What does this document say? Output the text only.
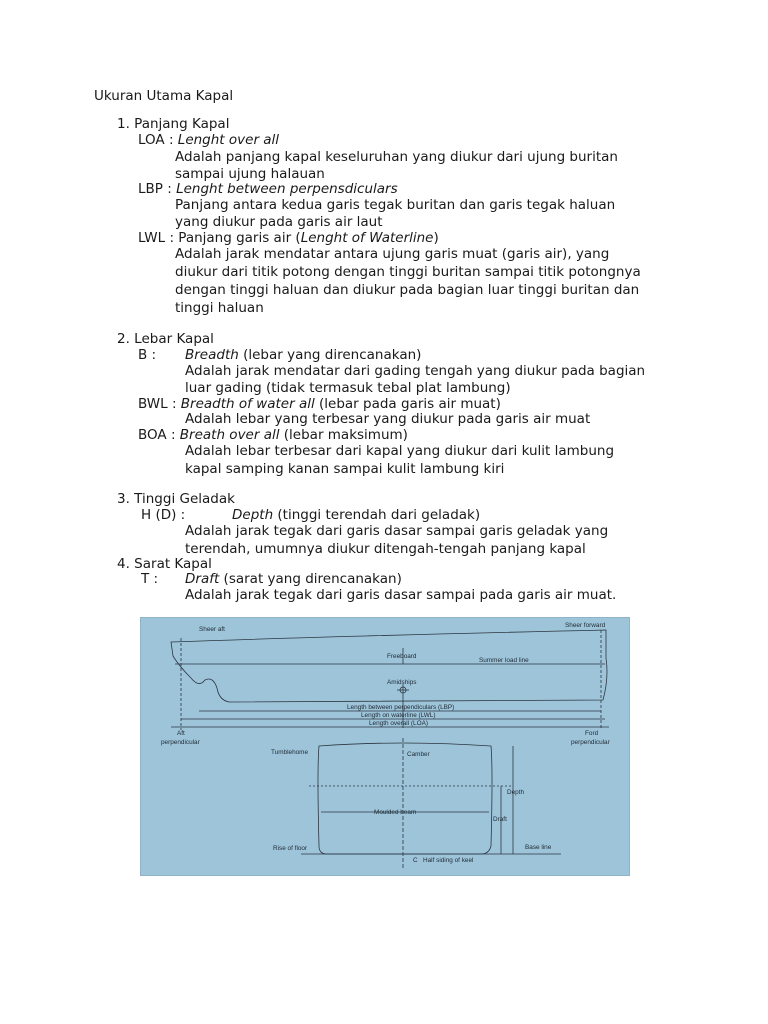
Ukuran Utama Kapal
1. Panjang Kapal
LOA : Lenght over all
Adalah panjang kapal keseluruhan yang diukur dari ujung buritan
sampai ujung halauan
LBP : Lenght between perpensdiculars
Panjang antara kedua garis tegak buritan dan garis tegak haluan
yang diukur pada garis air laut
LWL : Panjang garis air (Lenght of Waterline)
Adalah jarak mendatar antara ujung garis muat (garis air), yang
diukur dari titik potong dengan tinggi buritan sampai titik potongnya
dengan tinggi haluan dan diukur pada bagian luar tinggi buritan dan
tinggi haluan
2. Lebar Kapal
B : Breadth (lebar yang direncanakan)
Adalah jarak mendatar dari gading tengah yang diukur pada bagian
luar gading (tidak termasuk tebal plat lambung)
BWL : Breadth of water all (lebar pada garis air muat)
Adalah lebar yang terbesar yang diukur pada garis air muat
BOA : Breath over all (lebar maksimum)
Adalah lebar terbesar dari kapal yang diukur dari kulit lambung
kapal samping kanan sampai kulit lambung kiri
3. Tinggi Geladak
H (D) :	Depth (tinggi terendah dari geladak)
Adalah jarak tegak dari garis dasar sampai garis geladak yang
terendah, umumnya diukur ditengah-tengah panjang kapal
4. Sarat Kapal
T : Draft (sarat yang direncanakan)
Adalah jarak tegak dari garis dasar sampai pada garis air muat.
Sheer aft
Sheer forward
Freeboard
Summer load line
Amidships
Length between perpendiculars (LBP)
Length on waterline (LWL)
Length overall (LOA)
Aft
perpendicular
Ford
perpendicular
Tumblehome	Camber
Depth
Moulded beam
Draft
Rise of floor	Base line
C Half siding of keel
